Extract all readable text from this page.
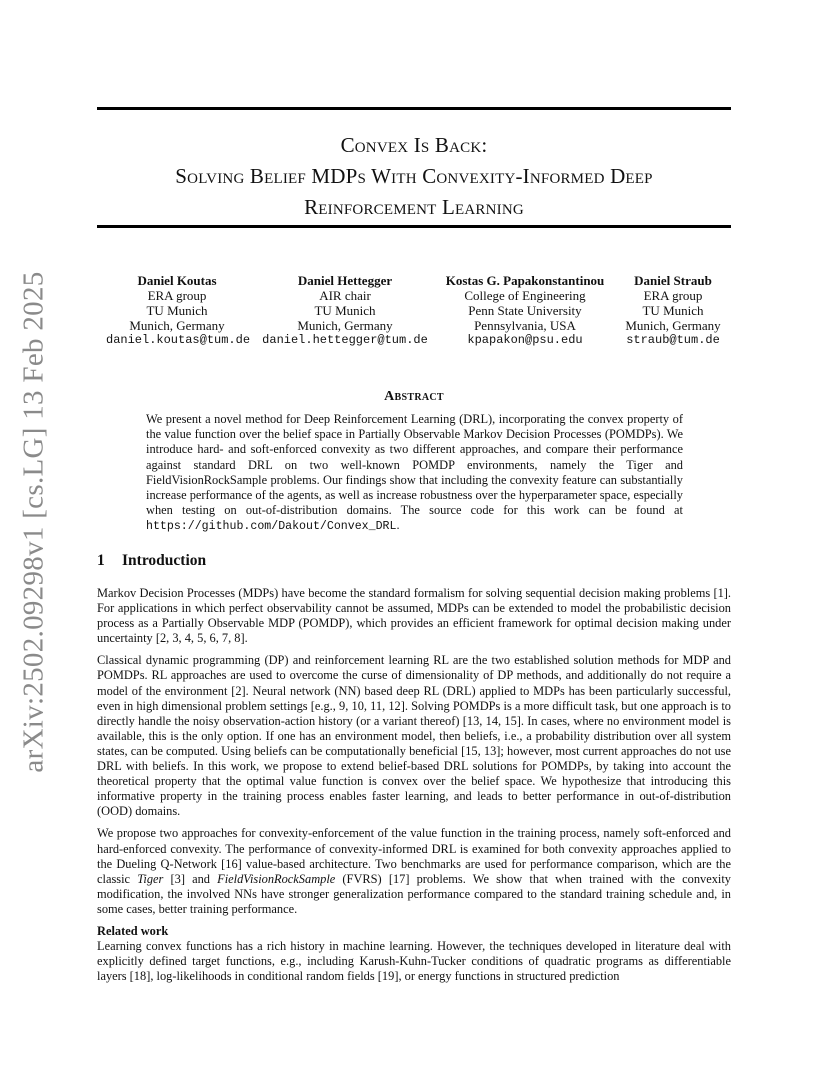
arXiv:2502.09298v1 [cs.LG] 13 Feb 2025
Convex Is Back:
Solving Belief MDPs With Convexity-Informed Deep
Reinforcement Learning
Daniel Koutas
ERA group
TU Munich
Munich, Germany
daniel.koutas@tum.de
Daniel Hettegger
AIR chair
TU Munich
Munich, Germany
daniel.hettegger@tum.de
Kostas G. Papakonstantinou
College of Engineering
Penn State University
Pennsylvania, USA
kpapakon@psu.edu
Daniel Straub
ERA group
TU Munich
Munich, Germany
straub@tum.de
Abstract
We present a novel method for Deep Reinforcement Learning (DRL), incorporating the convex property of the value function over the belief space in Partially Observable Markov Decision Processes (POMDPs). We introduce hard- and soft-enforced convexity as two different approaches, and compare their performance against standard DRL on two well-known POMDP environments, namely the Tiger and FieldVisionRockSample problems. Our findings show that including the convexity feature can substantially increase performance of the agents, as well as increase robustness over the hyperparameter space, especially when testing on out-of-distribution domains. The source code for this work can be found at https://github.com/Dakout/Convex_DRL.
1 Introduction

Markov Decision Processes (MDPs) have become the standard formalism for solving sequential decision making problems [1]. For applications in which perfect observability cannot be assumed, MDPs can be extended to model the probabilistic decision process as a Partially Observable MDP (POMDP), which provides an efficient framework for optimal decision making under uncertainty [2, 3, 4, 5, 6, 7, 8].

Classical dynamic programming (DP) and reinforcement learning RL are the two established solution methods for MDP and POMDPs. RL approaches are used to overcome the curse of dimensionality of DP methods, and additionally do not require a model of the environment [2]. Neural network (NN) based deep RL (DRL) applied to MDPs has been particularly successful, even in high dimensional problem settings [e.g., 9, 10, 11, 12]. Solving POMDPs is a more difficult task, but one approach is to directly handle the noisy observation-action history (or a variant thereof) [13, 14, 15]. In cases, where no environment model is available, this is the only option. If one has an environment model, then beliefs, i.e., a probability distribution over all system states, can be computed. Using beliefs can be computationally beneficial [15, 13]; however, most current approaches do not use DRL with beliefs. In this work, we propose to extend belief-based DRL solutions for POMDPs, by taking into account the theoretical property that the optimal value function is convex over the belief space. We hypothesize that introducing this informative property in the training process enables faster learning, and leads to better performance in out-of-distribution (OOD) domains.

We propose two approaches for convexity-enforcement of the value function in the training process, namely soft-enforced and hard-enforced convexity. The performance of convexity-informed DRL is examined for both convexity approaches applied to the Dueling Q-Network [16] value-based architecture. Two benchmarks are used for performance comparison, which are the classic Tiger [3] and FieldVisionRockSample (FVRS) [17] problems. We show that when trained with the convexity modification, the involved NNs have stronger generalization performance compared to the standard training schedule and, in some cases, better training performance.

Related work

Learning convex functions has a rich history in machine learning. However, the techniques developed in literature deal with explicitly defined target functions, e.g., including Karush-Kuhn-Tucker conditions of quadratic programs as differentiable layers [18], log-likelihoods in conditional random fields [19], or energy functions in structured prediction
